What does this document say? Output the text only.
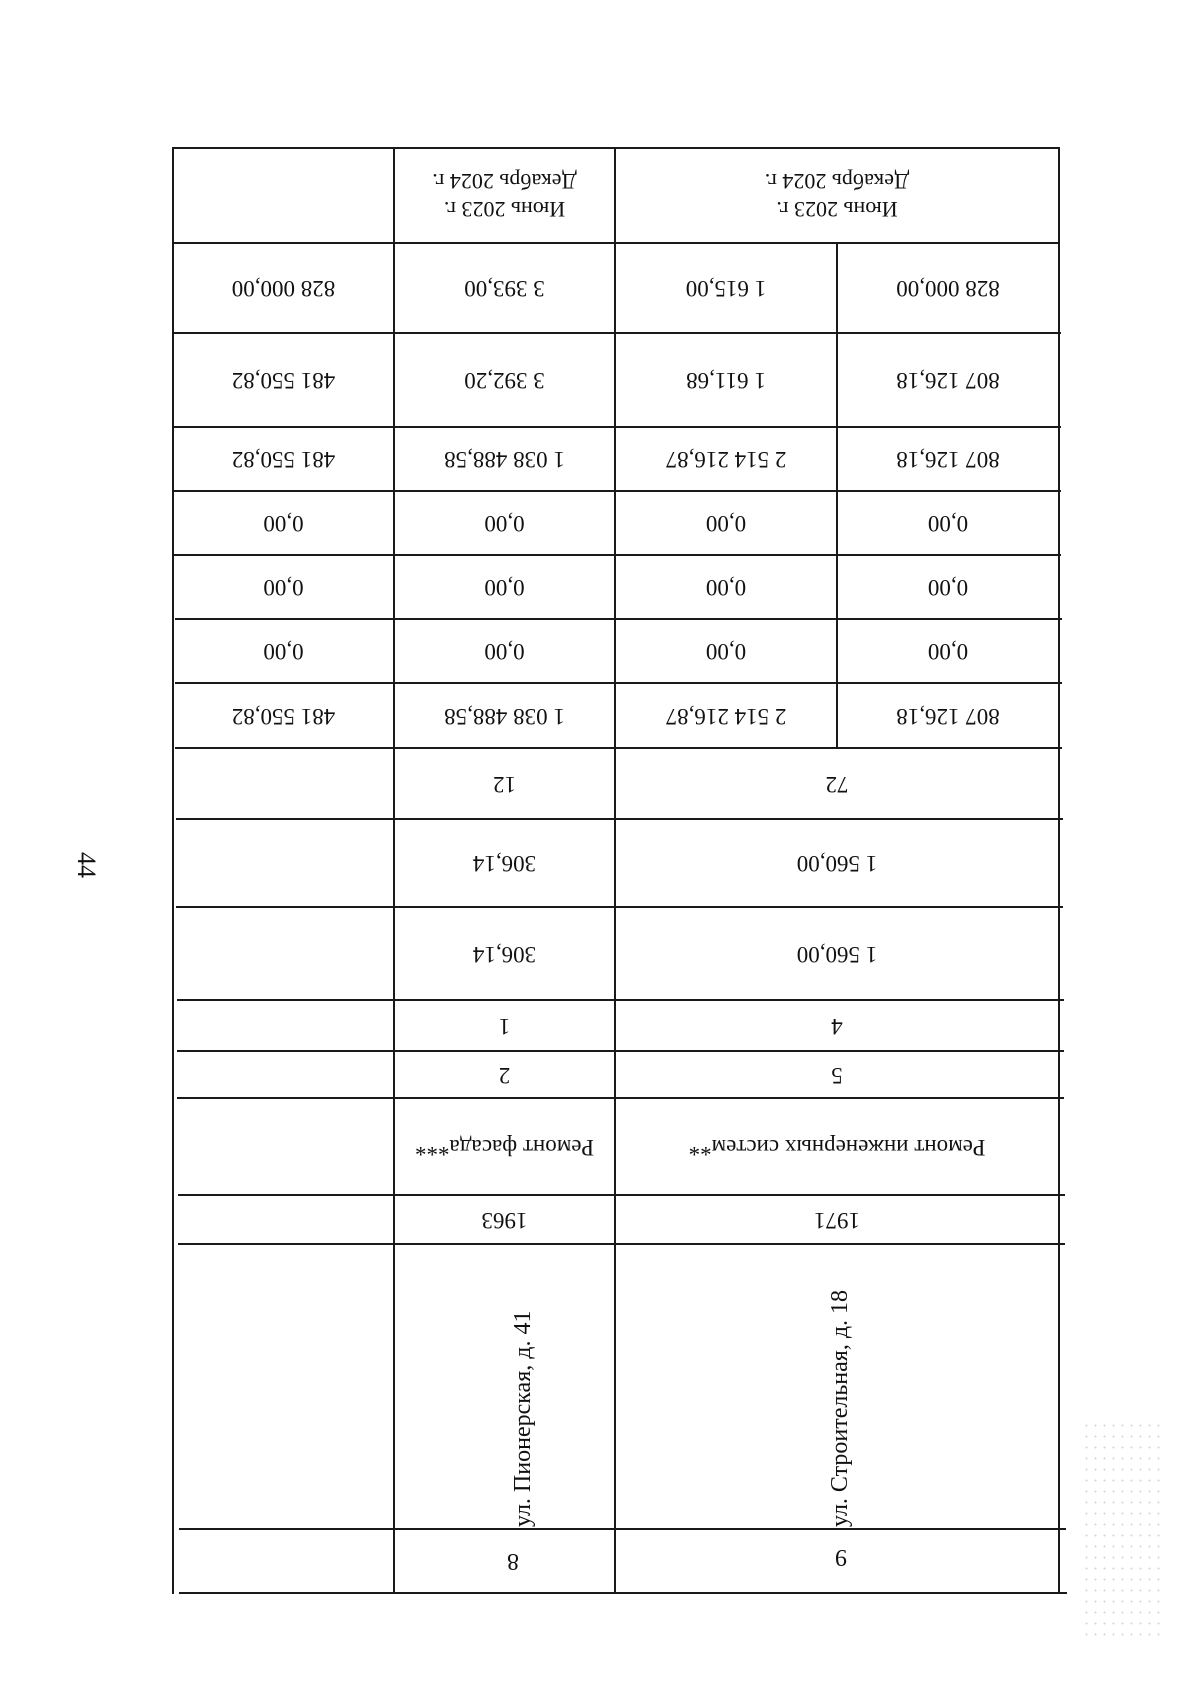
44
Июнь 2023 г.
Декабрь 2024 г.
Июнь 2023 г.
Декабрь 2024 г.
828 000,00
1 615,00
3 393,00
828 000,00
807 126,18
1 611,68
3 392,20
481 550,82
807 126,18
2 514 216,87
1 038 488,58
481 550,82
0,00
0,00
0,00
0,00
0,00
0,00
0,00
0,00
0,00
0,00
0,00
0,00
807 126,18
2 514 216,87
1 038 488,58
481 550,82
72
12
1 560,00
306,14
1 560,00
306,14
4
1
5
2
Ремонт инженерных систем**
Ремонт фасада***
1971
1963
ул. Строительная, д. 18
ул. Пионерская, д. 41
9
8
